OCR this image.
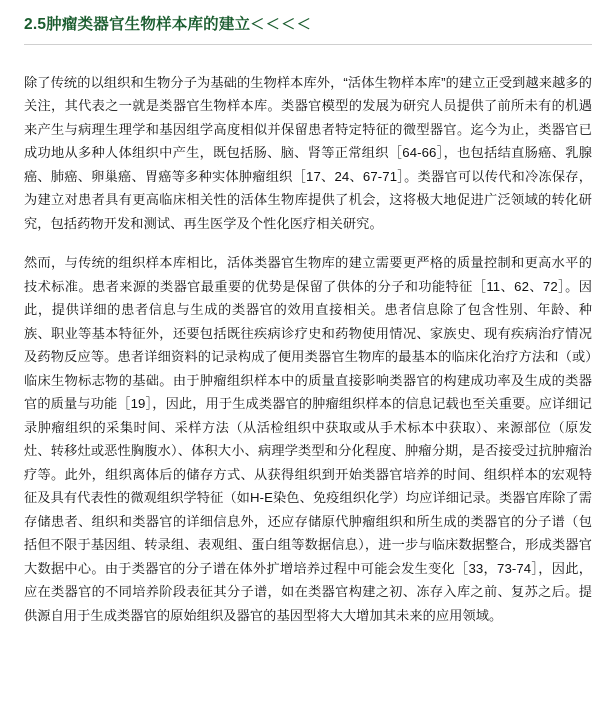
2.5肿瘤类器官生物样本库的建立＜＜＜＜

除了传统的以组织和生物分子为基础的生物样本库外，“活体生物样本库”的建立正受到越来越多的关注，其代表之一就是类器官生物样本库。类器官模型的发展为研究人员提供了前所未有的机遇来产生与病理生理学和基因组学高度相似并保留患者特定特征的微型器官。迄今为止，类器官已成功地从多种人体组织中产生，既包括肠、脑、肾等正常组织［64-66］，也包括结直肠癌、乳腺癌、肺癌、卵巢癌、胃癌等多种实体肿瘤组织［17、24、67-71］。类器官可以传代和冷冻保存，为建立对患者具有更高临床相关性的活体生物库提供了机会，这将极大地促进广泛领域的转化研究，包括药物开发和测试、再生医学及个性化医疗相关研究。

然而，与传统的组织样本库相比，活体类器官生物库的建立需要更严格的质量控制和更高水平的技术标准。患者来源的类器官最重要的优势是保留了供体的分子和功能特征［11、62、72］。因此，提供详细的患者信息与生成的类器官的效用直接相关。患者信息除了包含性别、年龄、种族、职业等基本特征外，还要包括既往疾病诊疗史和药物使用情况、家族史、现有疾病治疗情况及药物反应等。患者详细资料的记录构成了便用类器官生物库的最基本的临床化治疗方法和（或）临床生物标志物的基础。由于肿瘤组织样本中的质量直接影响类器官的构建成功率及生成的类器官的质量与功能［19］，因此，用于生成类器官的肿瘤组织样本的信息记载也至关重要。应详细记录肿瘤组织的采集时间、采样方法（从活检组织中获取或从手术标本中获取）、来源部位（原发灶、转移灶或恶性胸腹水）、体积大小、病理学类型和分化程度、肿瘤分期，是否接受过抗肿瘤治疗等。此外，组织离体后的储存方式、从获得组织到开始类器官培养的时间、组织样本的宏观特征及具有代表性的微观组织学特征（如H-E染色、免疫组织化学）均应详细记录。类器官库除了需存储患者、组织和类器官的详细信息外，还应存储原代肿瘤组织和所生成的类器官的分子谱（包括但不限于基因组、转录组、表观组、蛋白组等数据信息），进一步与临床数据整合，形成类器官大数据中心。由于类器官的分子谱在体外扩增培养过程中可能会发生变化［33，73-74］，因此，应在类器官的不同培养阶段表征其分子谱，如在类器官构建之初、冻存入库之前、复苏之后。提供源自用于生成类器官的原始组织及器官的基因型将大大增加其未来的应用领域。
